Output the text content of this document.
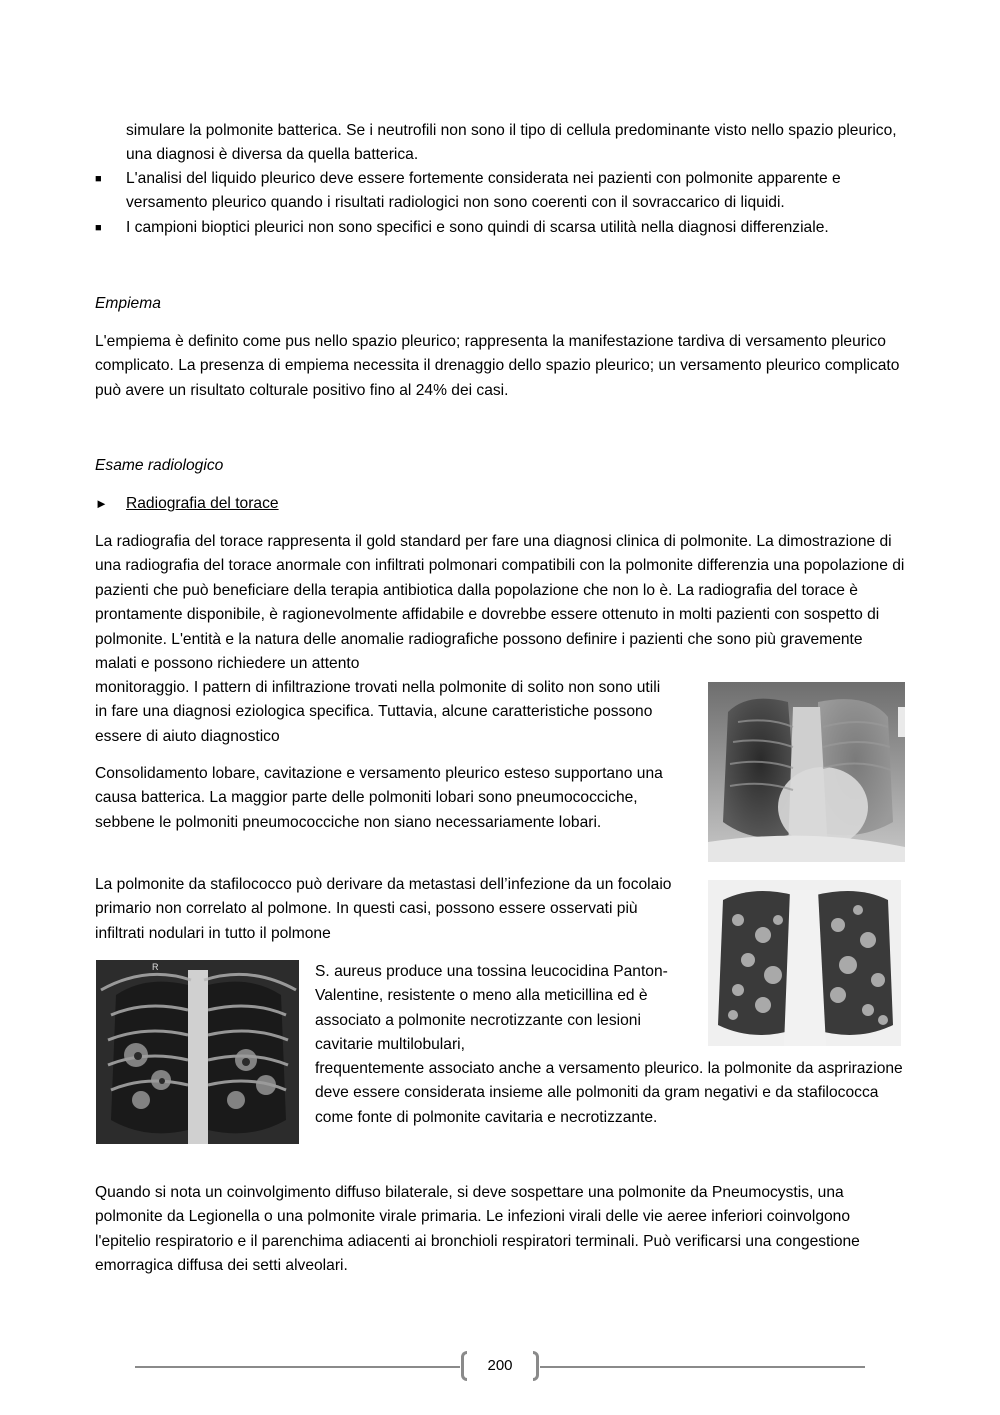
simulare la polmonite batterica. Se i neutrofili non sono il tipo di cellula predominante visto nello spazio pleurico, una diagnosi è diversa da quella batterica.
■	L'analisi del liquido pleurico deve essere fortemente considerata nei pazienti con polmonite apparente e versamento pleurico quando i risultati radiologici non sono coerenti con il sovraccarico di liquidi.
■	I campioni bioptici pleurici non sono specifici e sono quindi di scarsa utilità nella diagnosi differenziale.
Empiema
L'empiema è definito come pus nello spazio pleurico; rappresenta la manifestazione tardiva di versamento pleurico complicato. La presenza di empiema necessita il drenaggio dello spazio pleurico; un versamento pleurico complicato può avere un risultato colturale positivo fino al 24% dei casi.
Esame radiologico
► Radiografia del torace
La radiografia del torace rappresenta il gold standard per fare una diagnosi clinica di polmonite. La dimostrazione di una radiografia del torace anormale con infiltrati polmonari compatibili con la polmonite differenzia una popolazione di pazienti che può beneficiare della terapia antibiotica dalla popolazione che non lo è. La radiografia del torace è prontamente disponibile, è ragionevolmente affidabile e dovrebbe essere ottenuto in molti pazienti con sospetto di polmonite. L'entità e la natura delle anomalie radiografiche possono definire i pazienti che sono più gravemente malati e possono richiedere un attento
monitoraggio. I pattern di infiltrazione trovati nella polmonite di solito non sono utili in fare una diagnosi eziologica specifica. Tuttavia, alcune caratteristiche possono essere di aiuto diagnostico
Consolidamento lobare, cavitazione e versamento pleurico esteso supportano una causa batterica. La maggior parte delle polmoniti lobari sono pneumococciche, sebbene le polmoniti pneumococciche non siano necessariamente lobari.
La polmonite da stafilococco può derivare da metastasi dell’infezione da un focolaio primario non correlato al polmone. In questi casi, possono essere osservati più infiltrati nodulari in tutto il polmone
S. aureus produce una tossina leucocidina Panton-Valentine, resistente o meno alla meticillina ed è associato a polmonite necrotizzante con lesioni cavitarie multilobulari,
frequentemente associato anche a versamento pleurico. la polmonite da asprirazione deve essere considerata insieme alle polmoniti da gram negativi e da stafilococca come fonte di polmonite cavitaria e necrotizzante.
Quando si nota un coinvolgimento diffuso bilaterale, si deve sospettare una polmonite da Pneumocystis, una polmonite da Legionella o una polmonite virale primaria. Le infezioni virali delle vie aeree inferiori coinvolgono l'epitelio respiratorio e il parenchima adiacenti ai bronchioli respiratori terminali. Può verificarsi una congestione emorragica diffusa dei setti alveolari.
R
200
